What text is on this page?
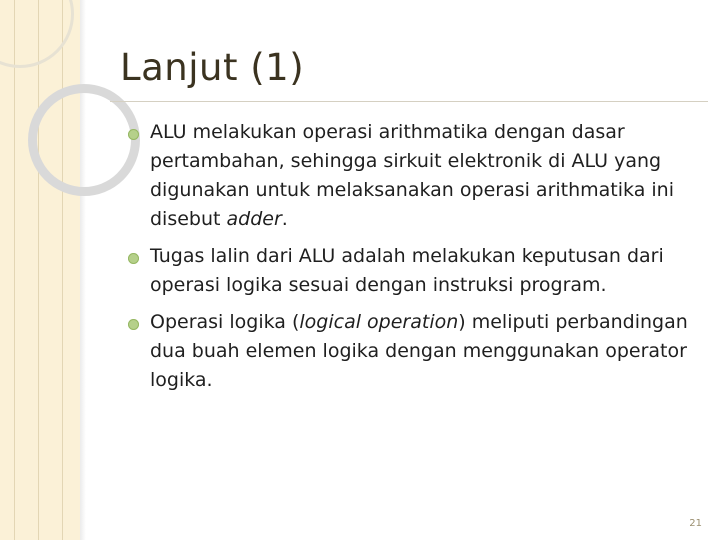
Lanjut (1)
ALU melakukan operasi arithmatika dengan dasar pertambahan, sehingga sirkuit elektronik di ALU yang digunakan untuk melaksanakan operasi arithmatika ini disebut adder.
Tugas lalin dari ALU adalah melakukan keputusan dari operasi logika sesuai dengan instruksi program.
Operasi logika (logical operation) meliputi perbandingan dua buah elemen logika dengan menggunakan operator logika.
21
